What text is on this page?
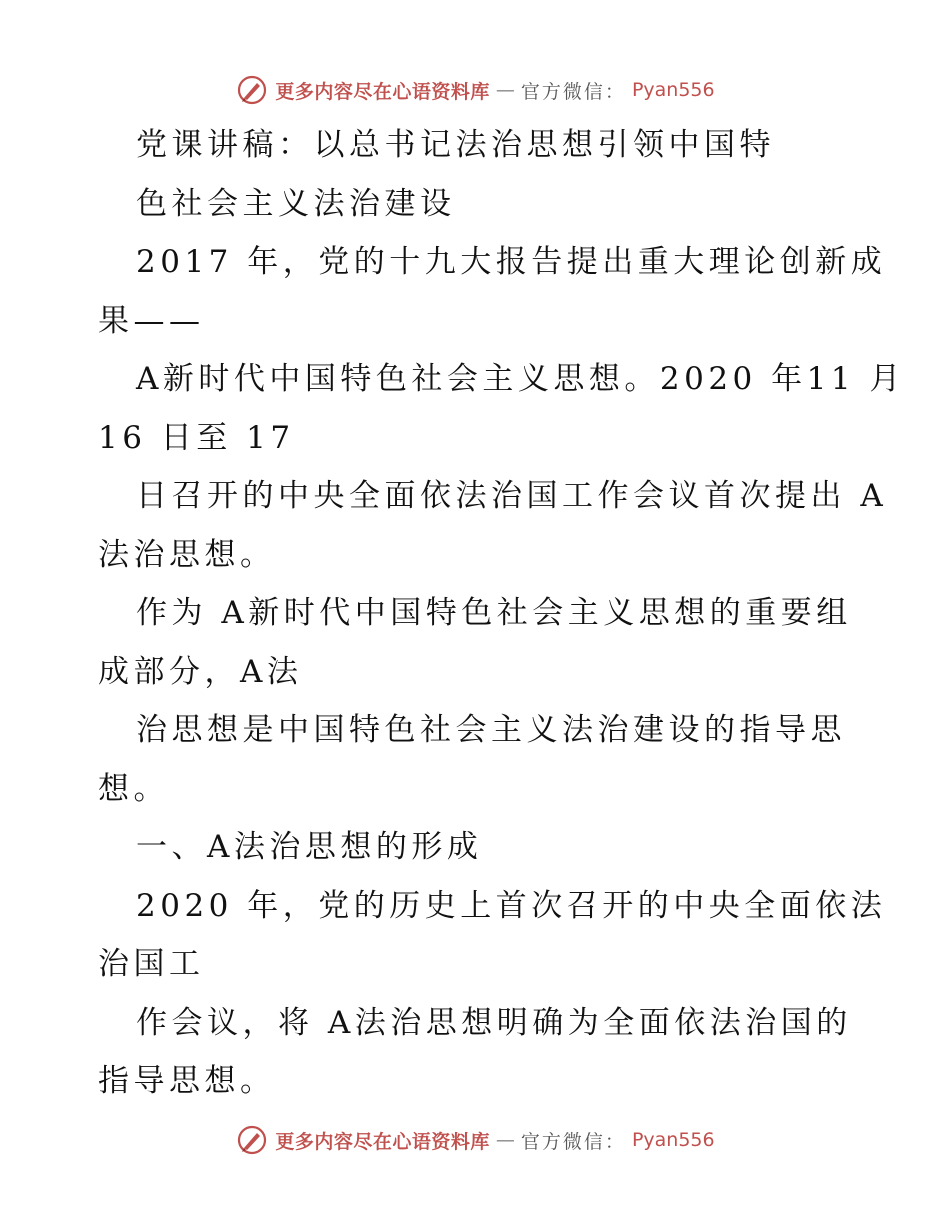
更多内容尽在心语资料库 — 官方微信： Pyan556
党课讲稿：以总书记法治思想引领中国特
色社会主义法治建设
2017 年，党的十九大报告提出重大理论创新成
果——
A新时代中国特色社会主义思想。2020 年11 月
16 日至 17
日召开的中央全面依法治国工作会议首次提出 A
法治思想。
作为 A新时代中国特色社会主义思想的重要组
成部分，A法
治思想是中国特色社会主义法治建设的指导思
想。
一、A法治思想的形成
2020 年，党的历史上首次召开的中央全面依法
治国工
作会议，将 A法治思想明确为全面依法治国的
指导思想。
更多内容尽在心语资料库 — 官方微信： Pyan556
